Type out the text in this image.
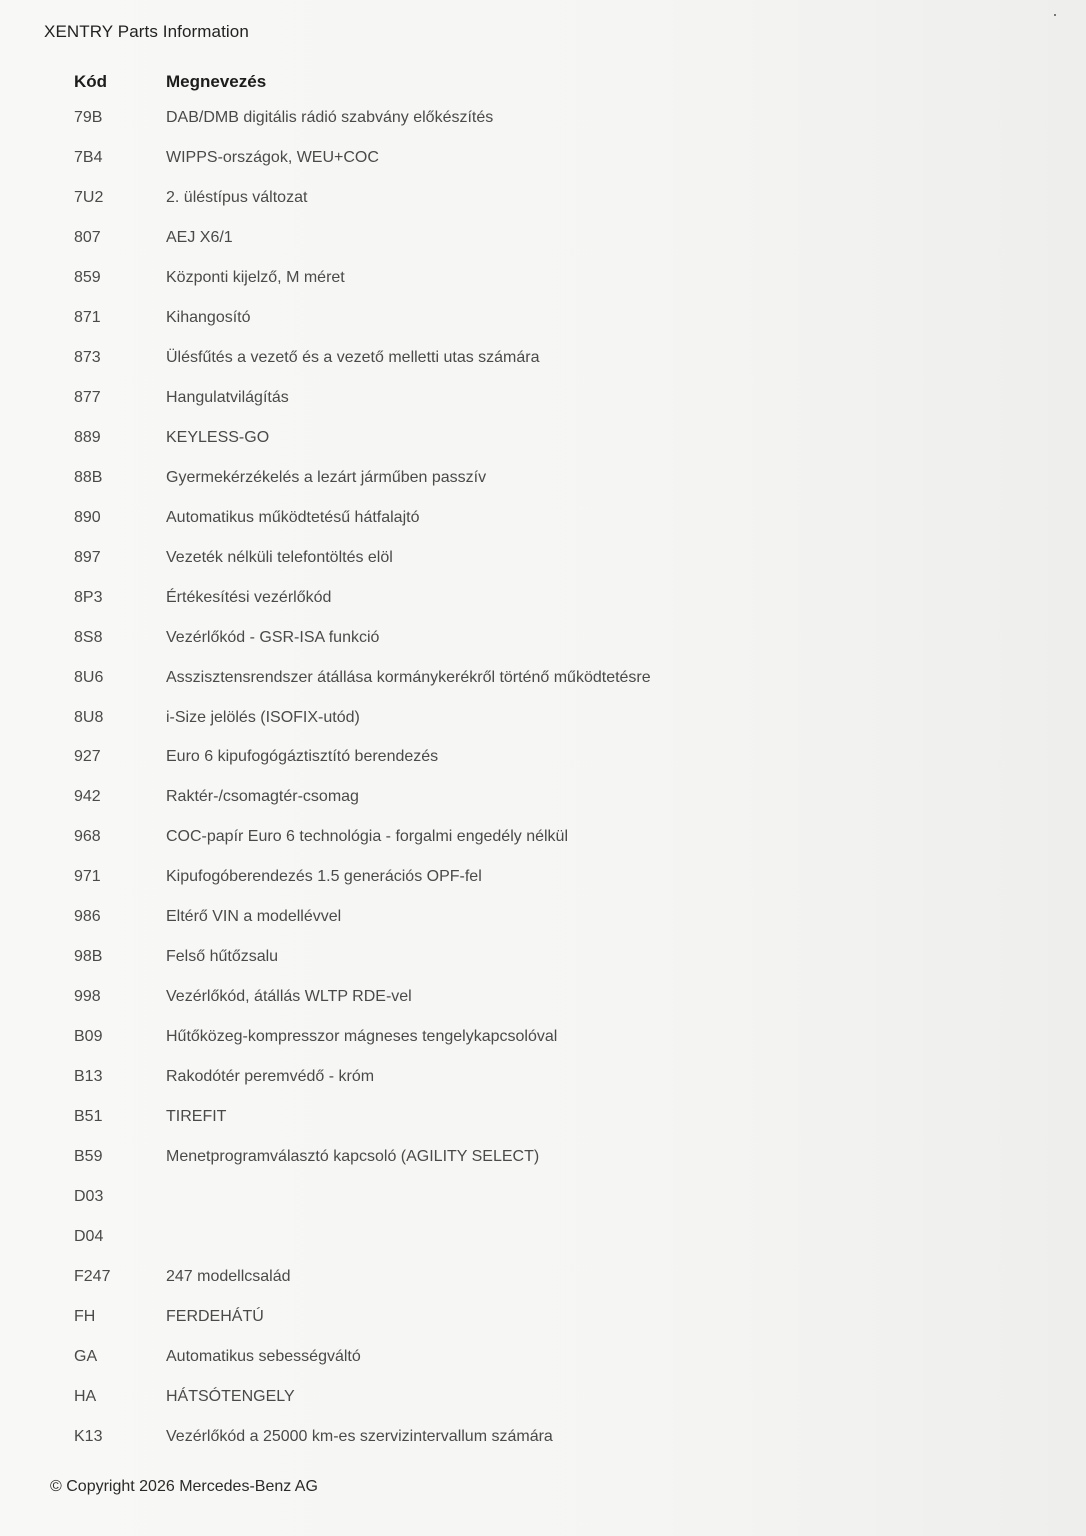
XENTRY Parts Information
Kód	Megnevezés
79B	DAB/DMB digitális rádió szabvány előkészítés
7B4	WIPPS-országok, WEU+COC
7U2	2. üléstípus változat
807	AEJ X6/1
859	Központi kijelző, M méret
871	Kihangosító
873	Ülésfűtés a vezető és a vezető melletti utas számára
877	Hangulatvilágítás
889	KEYLESS-GO
88B	Gyermekérzékelés a lezárt járműben passzív
890	Automatikus működtetésű hátfalajtó
897	Vezeték nélküli telefontöltés elöl
8P3	Értékesítési vezérlőkód
8S8	Vezérlőkód - GSR-ISA funkció
8U6	Asszisztensrendszer átállása kormánykerékről történő működtetésre
8U8	i-Size jelölés (ISOFIX-utód)
927	Euro 6 kipufogógáztisztító berendezés
942	Raktér-/csomagtér-csomag
968	COC-papír Euro 6 technológia - forgalmi engedély nélkül
971	Kipufogóberendezés 1.5 generációs OPF-fel
986	Eltérő VIN a modellévvel
98B	Felső hűtőzsalu
998	Vezérlőkód, átállás WLTP RDE-vel
B09	Hűtőközeg-kompresszor mágneses tengelykapcsolóval
B13	Rakodótér peremvédő - króm
B51	TIREFIT
B59	Menetprogramválasztó kapcsoló (AGILITY SELECT)
D03
D04
F247	247 modellcsalád
FH	FERDEHÁTÚ
GA	Automatikus sebességváltó
HA	HÁTSÓTENGELY
K13	Vezérlőkód a 25000 km-es szervizintervallum számára
© Copyright 2026 Mercedes-Benz AG
